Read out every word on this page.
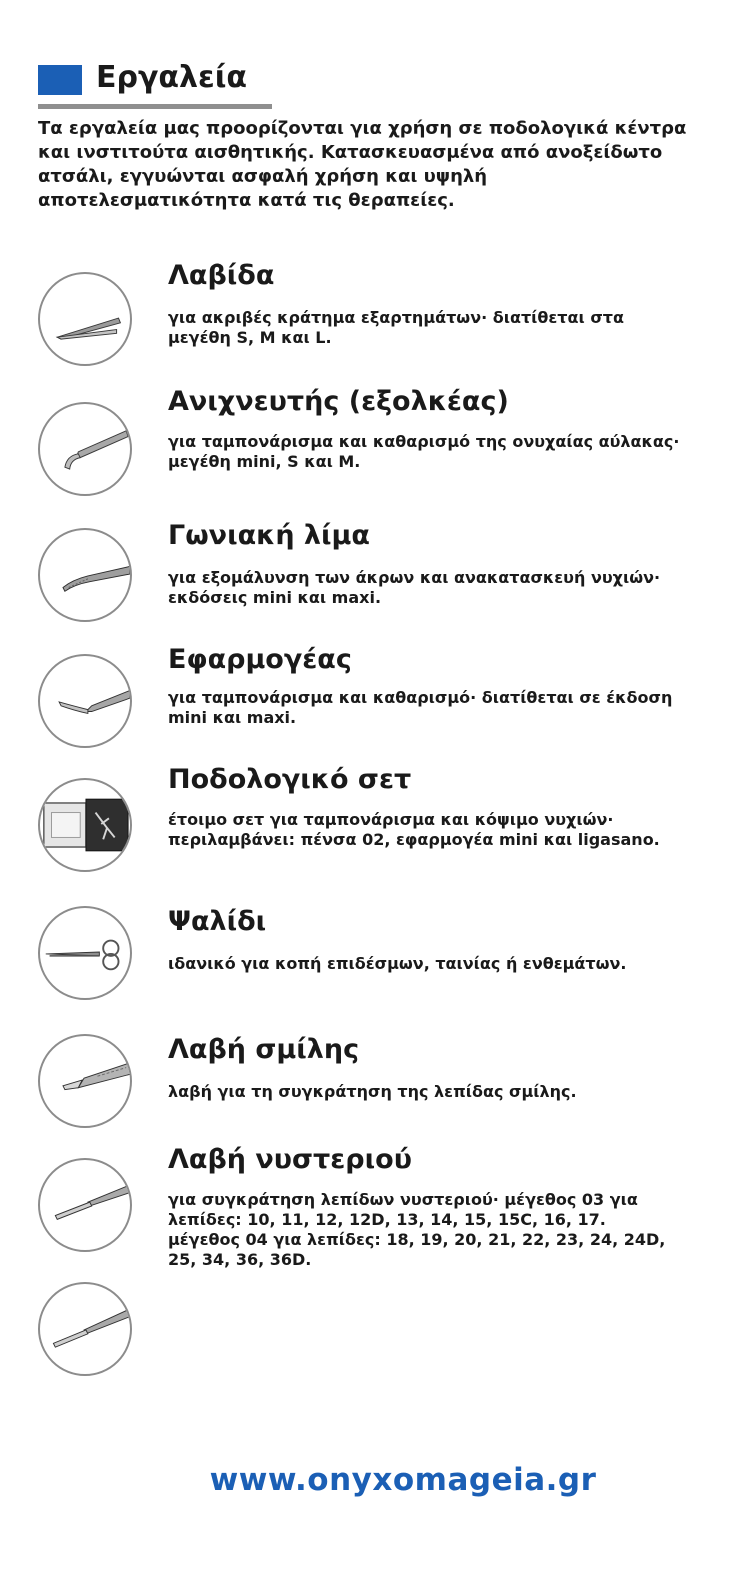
Εργαλεία
Τα εργαλεία μας προορίζονται για χρήση σε ποδολογικά κέντρα και ινστιτούτα αισθητικής. Κατασκευασμένα από ανοξείδωτο ατσάλι, εγγυώνται ασφαλή χρήση και υψηλή αποτελεσματικότητα κατά τις θεραπείες.
Λαβίδα
για ακριβές κράτημα εξαρτημάτων· διατίθεται στα μεγέθη S, M και L.
Ανιχνευτής (εξολκέας)
για ταμπονάρισμα και καθαρισμό της ονυχαίας αύλακας· μεγέθη mini, S και M.
Γωνιακή λίμα
για εξομάλυνση των άκρων και ανακατασκευή νυχιών· εκδόσεις mini και maxi.
Εφαρμογέας
για ταμπονάρισμα και καθαρισμό· διατίθεται σε έκδοση mini και maxi.
Ποδολογικό σετ
έτοιμο σετ για ταμπονάρισμα και κόψιμο νυχιών· περιλαμβάνει: πένσα 02, εφαρμογέα mini και ligasano.
Ψαλίδι
ιδανικό για κοπή επιδέσμων, ταινίας ή ενθεμάτων.
Λαβή σμίλης
λαβή για τη συγκράτηση της λεπίδας σμίλης.
Λαβή νυστεριού
για συγκράτηση λεπίδων νυστεριού· μέγεθος 03 για λεπίδες: 10, 11, 12, 12D, 13, 14, 15, 15C, 16, 17.
μέγεθος 04 για λεπίδες: 18, 19, 20, 21, 22, 23, 24, 24D, 25, 34, 36, 36D.
www.onyxomageia.gr
